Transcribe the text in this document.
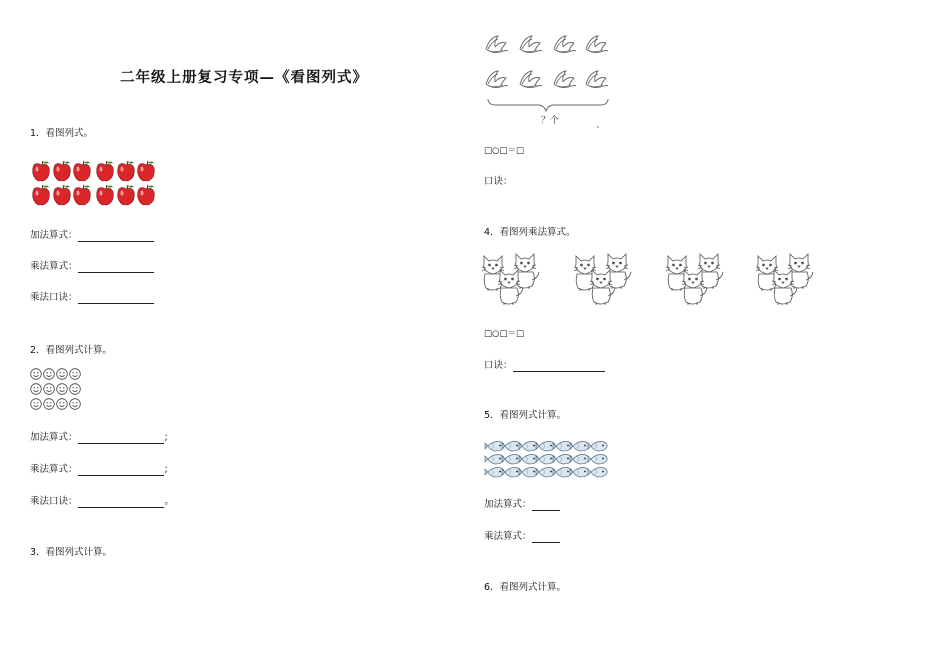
二年级上册复习专项—《看图列式》
1．看图列式。
加法算式：
乘法算式：
乘法口诀：
2．看图列式计算。
加法算式：	;
乘法算式：	;
乘法口诀：	。
3．看图列式计算。
？个
□○□＝□
口诀：
4．看图列乘法算式。
□○□＝□
口诀：
5．看图列式计算。
加法算式：
乘法算式：
6．看图列式计算。
